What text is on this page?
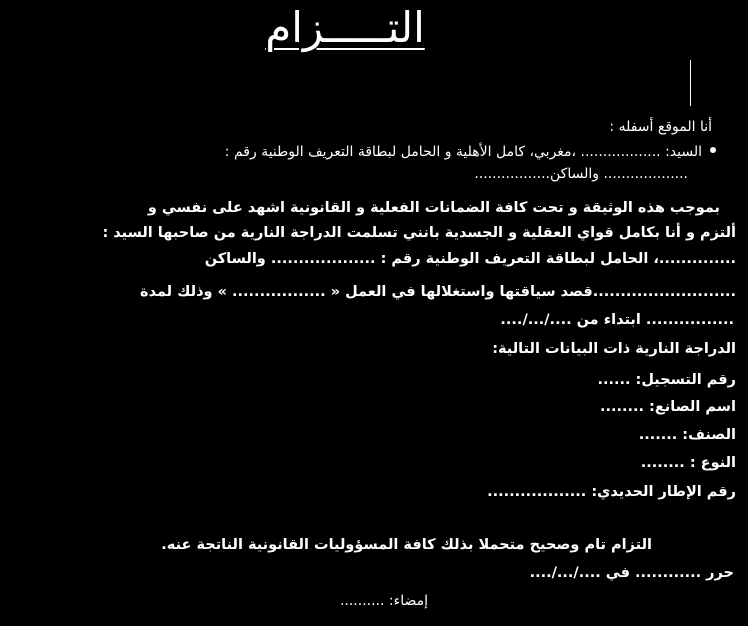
التـــــزام

أنا الموقع أسفله :

السيد: .................. ،مغربي، كامل الأهلية و الحامل لبطاقة التعريف الوطنية رقم :

................... والساكن.................

بموجب هذه الوثيقة و تحت كافة الضمانات الفعلية و القانونية اشهد على نفسي و

ألتزم و أنا بكامل قواي العقلية و الجسدية بانني تسلمت الدراجة النارية من صاحبها السيد :

..............، الحامل لبطاقة التعريف الوطنية رقم : ................... والساكن

..........................قصد سياقتها واستغلالها في العمل « ................. » وذلك لمدة

................ ابتداء من ..../.../....

الدراجة النارية ذات البيانات التالية:

رقم التسجيل: ......

اسم الصانع: ........

الصنف: .......

النوع : ........

رقم الإطار الحديدي: ..................

التزام تام وصحيح متحملا بذلك كافة المسؤوليات القانونية الناتجة عنه.

حرر ............ في ..../.../....

إمضاء: ..........
